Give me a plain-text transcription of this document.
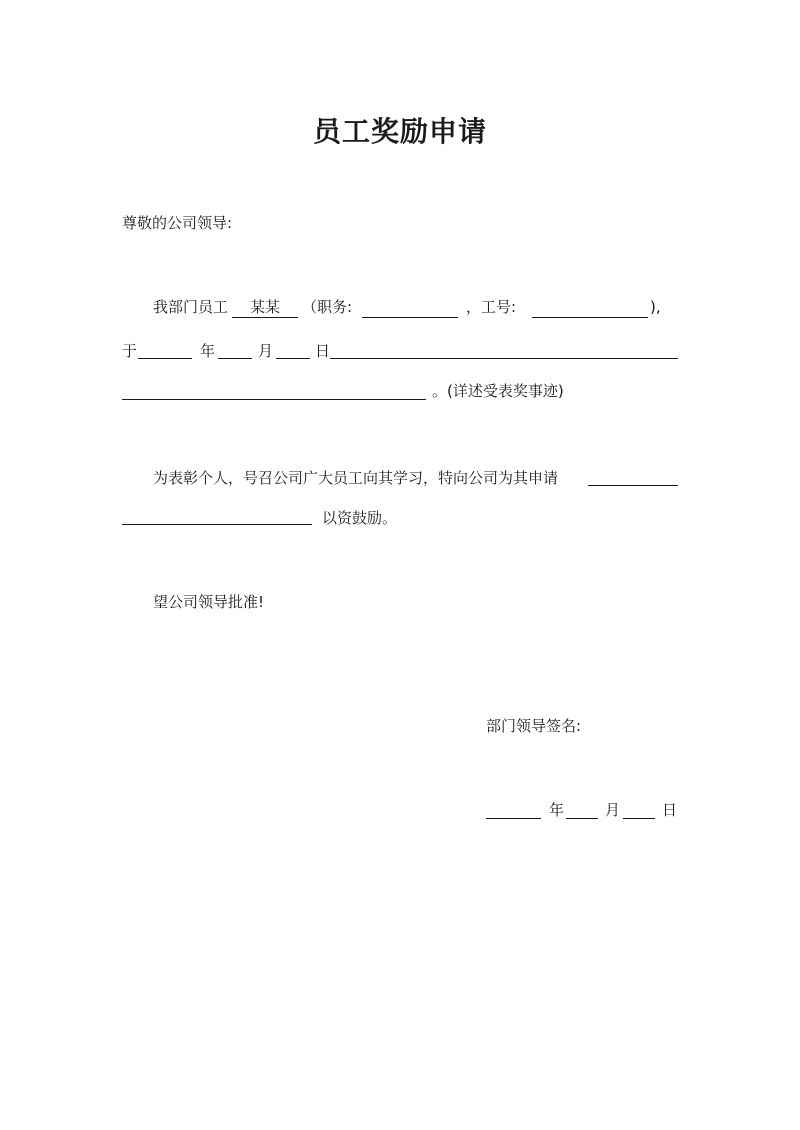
员工奖励申请
尊敬的公司领导:
我部门员工	某某	（职务:	，工号:	),
于	年	月	日
。(详述受表奖事迹)
为表彰个人，号召公司广大员工向其学习，特向公司为其申请
以资鼓励。
望公司领导批准!
部门领导签名:
年	月	日
